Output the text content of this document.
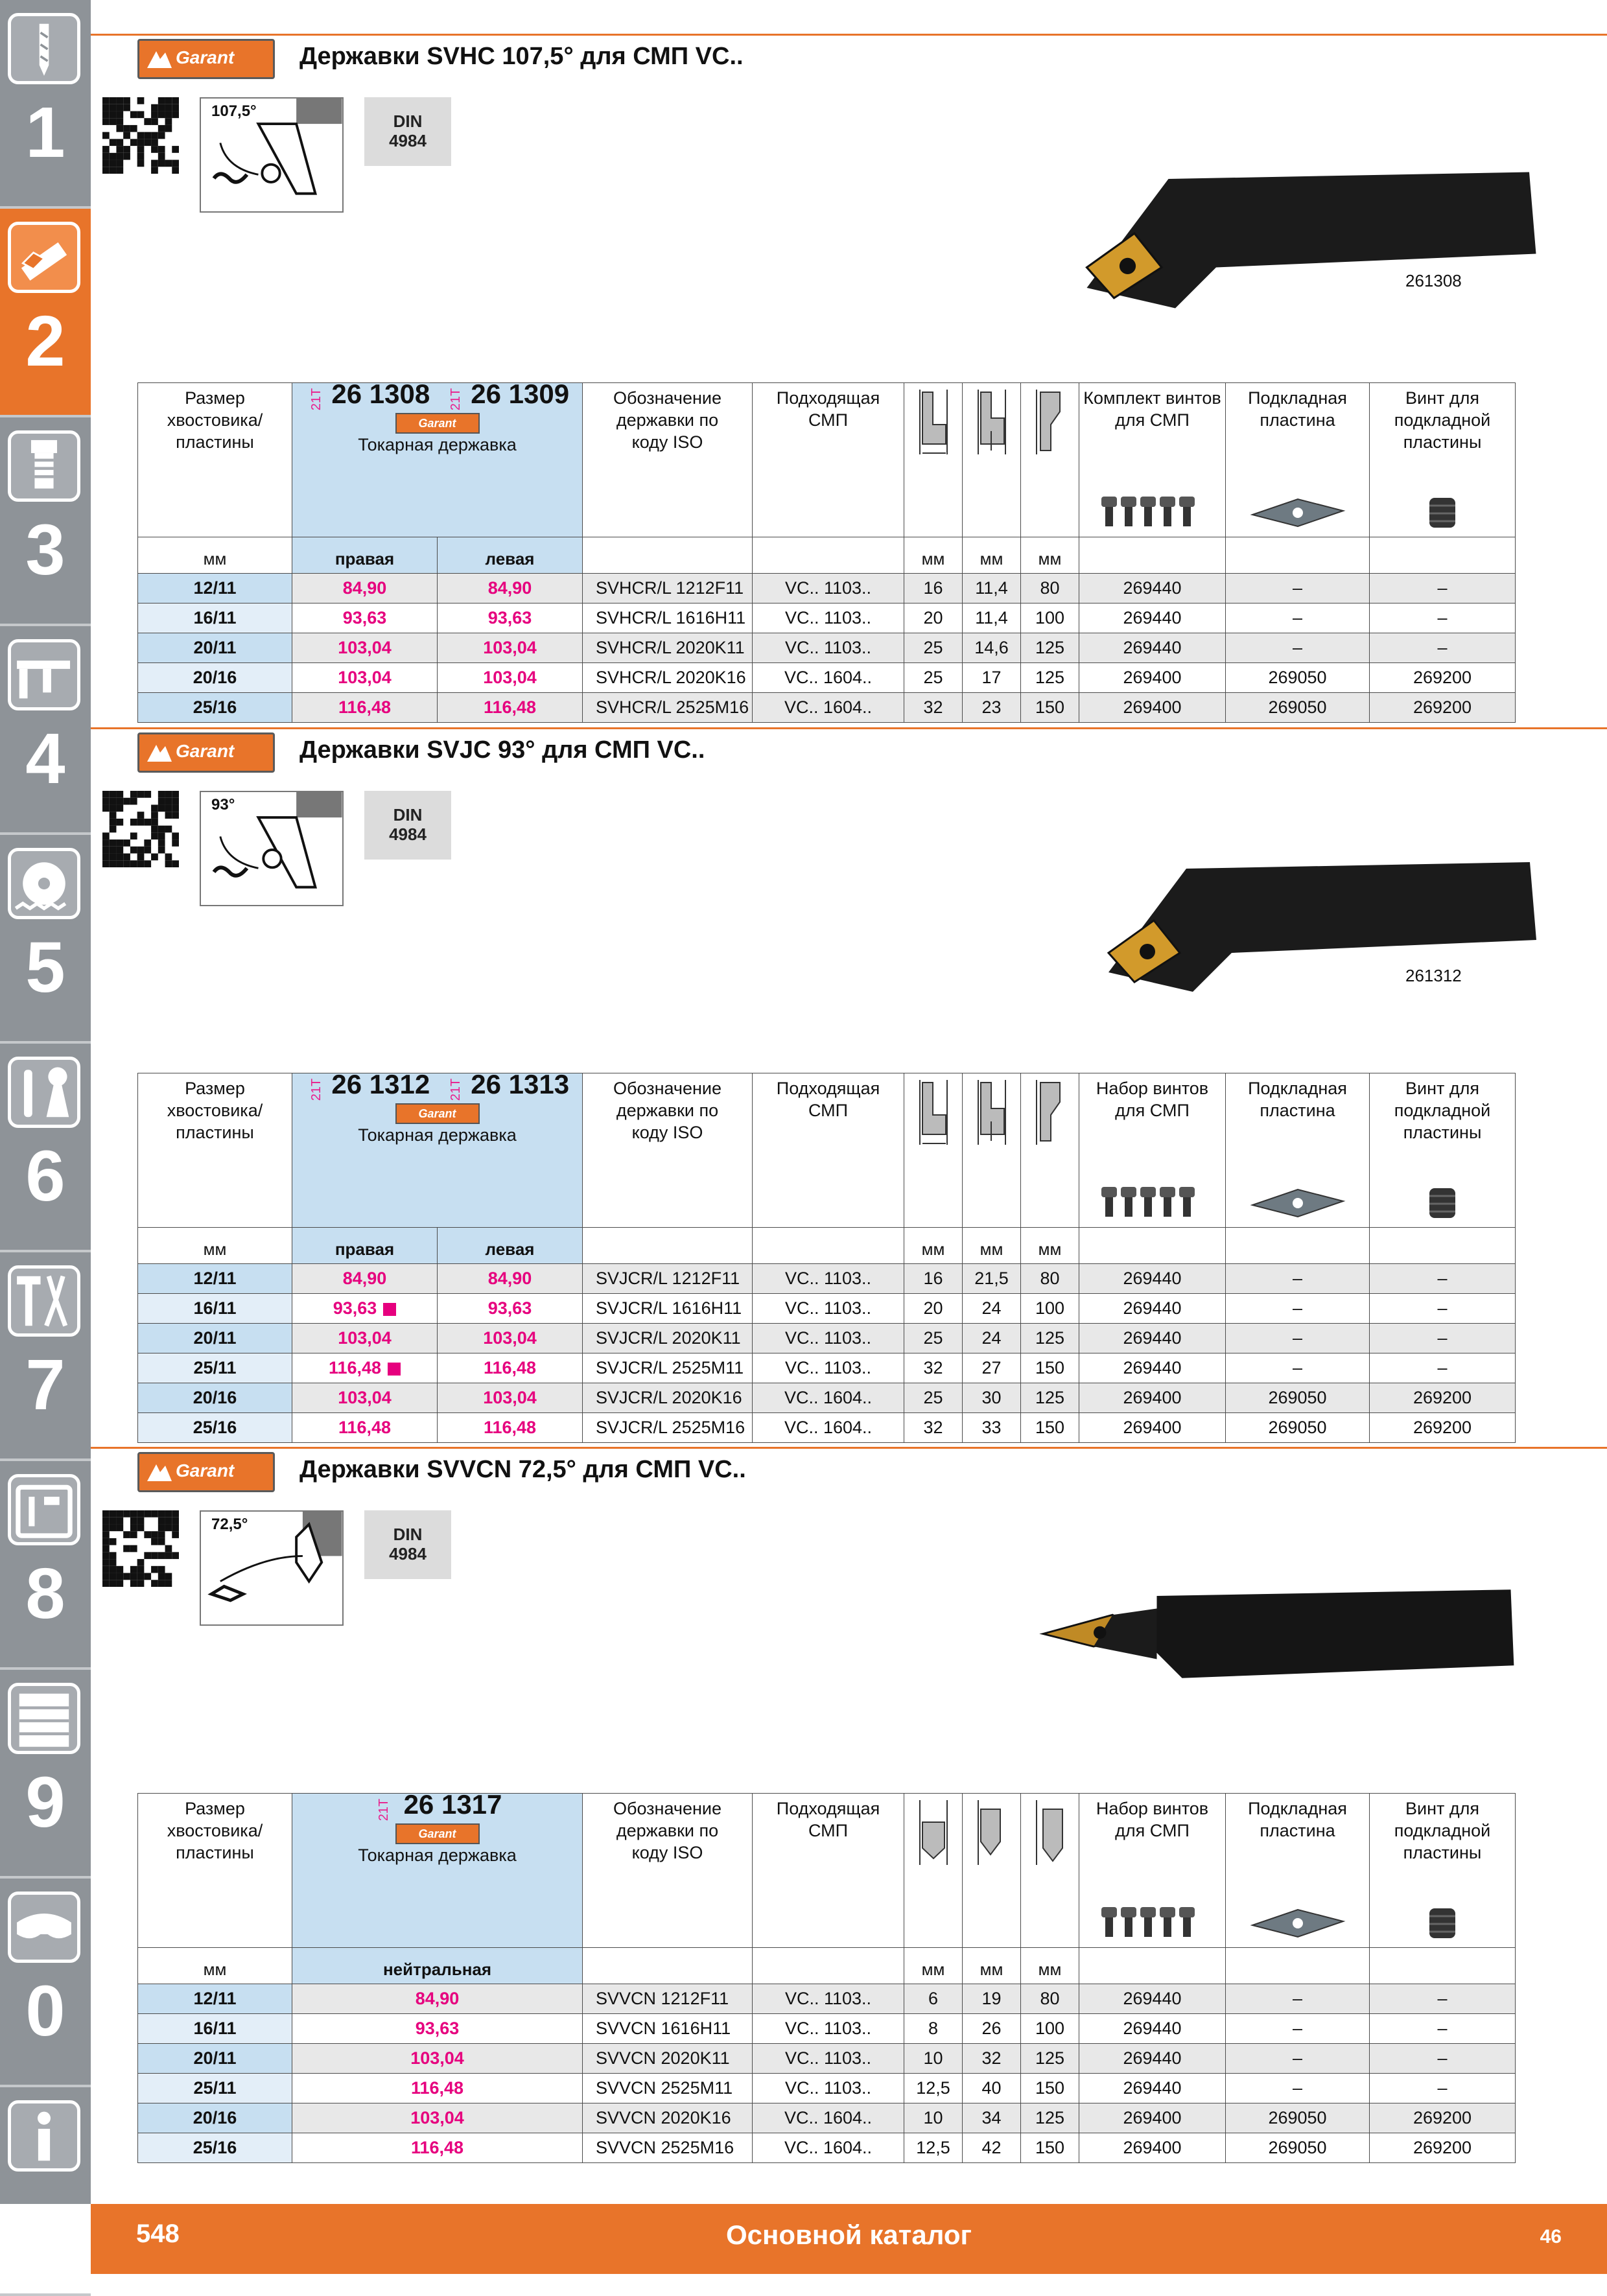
1
2
3
4
5
6
7
8
9
0
Garant	Державки SVHC 107,5° для СМП VC..
107,5°
DIN
4984
261308
Размер хвостовика/ пластины	21T 26 1308 21T 26 1309
Garant
Токарная державка		Обозначение державки по коду ISO	Подходящая СМП				Комплект винтов для СМП	Подкладная пластина	Винт для подкладной пластины

мм	правая	левая			мм	мм	мм			
12/11	84,90	84,90	SVHCR/L 1212F11	VC.. 1103..	16	11,4	80	269440	–	–
16/11	93,63	93,63	SVHCR/L 1616H11	VC.. 1103..	20	11,4	100	269440	–	–
20/11	103,04	103,04	SVHCR/L 2020K11	VC.. 1103..	25	14,6	125	269440	–	–
20/16	103,04	103,04	SVHCR/L 2020K16	VC.. 1604..	25	17	125	269400	269050	269200
25/16	116,48	116,48	SVHCR/L 2525M16	VC.. 1604..	32	23	150	269400	269050	269200
Garant	Державки SVJC 93° для СМП VC..
93°
DIN
4984
261312
Размер хвостовика/ пластины	21T 26 1312 21T 26 1313
Garant
Токарная державка		Обозначение державки по коду ISO	Подходящая СМП				Набор винтов для СМП	Подкладная пластина	Винт для подкладной пластины

мм	правая	левая			мм	мм	мм			
12/11	84,90	84,90	SVJCR/L 1212F11	VC.. 1103..	16	21,5	80	269440	–	–
16/11	93,63	93,63	SVJCR/L 1616H11	VC.. 1103..	20	24	100	269440	–	–
20/11	103,04	103,04	SVJCR/L 2020K11	VC.. 1103..	25	24	125	269440	–	–
25/11	116,48	116,48	SVJCR/L 2525M11	VC.. 1103..	32	27	150	269440	–	–
20/16	103,04	103,04	SVJCR/L 2020K16	VC.. 1604..	25	30	125	269400	269050	269200
25/16	116,48	116,48	SVJCR/L 2525M16	VC.. 1604..	32	33	150	269400	269050	269200
Garant	Державки SVVCN 72,5° для СМП VC..
72,5°
DIN
4984
Размер хвостовика/ пластины	21T 26 1317
Garant
Токарная державка	Обозначение державки по коду ISO	Подходящая СМП				Набор винтов для СМП	Подкладная пластина	Винт для подкладной пластины

мм	нейтральная			мм	мм	мм			
12/11	84,90	SVVCN 1212F11	VC.. 1103..	6	19	80	269440	–	–
16/11	93,63	SVVCN 1616H11	VC.. 1103..	8	26	100	269440	–	–
20/11	103,04	SVVCN 2020K11	VC.. 1103..	10	32	125	269440	–	–
25/11	116,48	SVVCN 2525M11	VC.. 1103..	12,5	40	150	269440	–	–
20/16	103,04	SVVCN 2020K16	VC.. 1604..	10	34	125	269400	269050	269200
25/16	116,48	SVVCN 2525M16	VC.. 1604..	12,5	42	150	269400	269050	269200
548	Основной каталог	46
